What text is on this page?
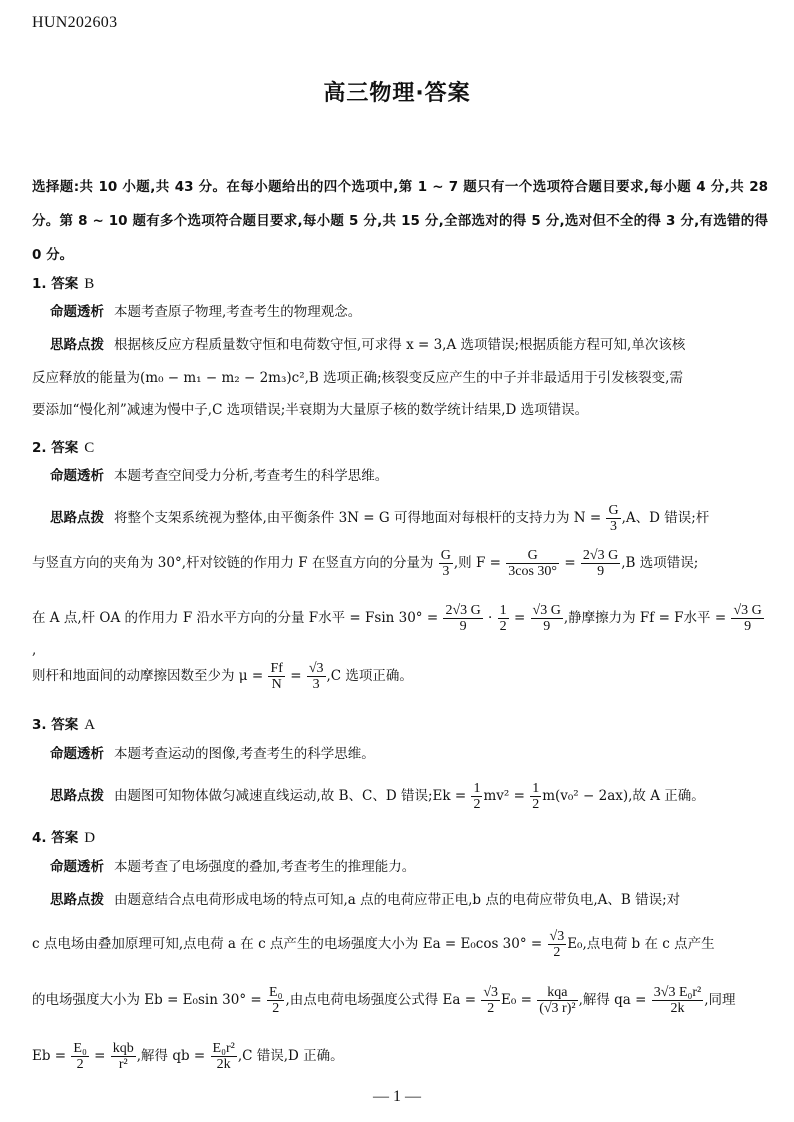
HUN202603
高三物理·答案
选择题:共 10 小题,共 43 分。在每小题给出的四个选项中,第 1 ~ 7 题只有一个选项符合题目要求,每小题 4 分,共 28 分。第 8 ~ 10 题有多个选项符合题目要求,每小题 5 分,共 15 分,全部选对的得 5 分,选对但不全的得 3 分,有选错的得 0 分。
1. 答案 B
命题透析 本题考查原子物理,考查考生的物理观念。
思路点拨 根据核反应方程质量数守恒和电荷数守恒,可求得 x = 3,A 选项错误;根据质能方程可知,单次该核
反应释放的能量为(m₀ − m₁ − m₂ − 2m₃)c²,B 选项正确;核裂变反应产生的中子并非最适用于引发核裂变,需
要添加“慢化剂”减速为慢中子,C 选项错误;半衰期为大量原子核的数学统计结果,D 选项错误。
2. 答案 C
命题透析 本题考查空间受力分析,考查考生的科学思维。
思路点拨 将整个支架系统视为整体,由平衡条件 3N = G 可得地面对每根杆的支持力为 $N = \frac{G}{3} ,A$、D 错误;杆
与竖直方向的夹角为 30°,杆对铰链的作用力 F 在竖直方向的分量为 $\frac{G}{3}$ ,则 $F = \frac{G}{3\cos 30^\circ} = \frac{2√3 G}{9} ,B$ 选项错误;
在 A 点,杆 OA 的作用力 F 沿水平方向的分量 F水平 = Fsin $30^\circ = \frac{2√3 G}{9} \cdot \frac{1}{2} = \frac{√3 G}{9}$ ,静摩擦力为 Ff = F水平 = $\frac{√3 G}{9}$
,
则杆和地面间的动摩擦因数至少为 $\mu = \frac{Ff}{N} = \frac{√3}{3} ,C$ 选项正确。
3. 答案 A
命题透析 本题考查运动的图像,考查考生的科学思维。
思路点拨 由题图可知物体做匀减速直线运动,故 B、C、D 错误;Ek = $\frac{1}{2} mv^2 = \frac{1}{2} m(v_0^2 - 2ax)$,故 A 正确。
4. 答案 D
命题透析 本题考查了电场强度的叠加,考查考生的推理能力。
思路点拨 由题意结合点电荷形成电场的特点可知,a 点的电荷应带正电,b 点的电荷应带负电,A、B 错误;对
c 点电场由叠加原理可知,点电荷 a 在 c 点产生的电场强度大小为 Ea = E₀cos $30^\circ = \frac{√3}{2} E_0$,点电荷 b 在 c 点产生
的电场强度大小为 Eb = E₀sin $30^\circ = \frac{\text{E₀}}{2}$ ,由点电荷电场强度公式得 $Ea = \frac{√3}{2} E_0 = \frac{\text{kqa}}{\text{(√3 r)²}}$ ,解得 qa = $\frac{\text{3√3 E₀r²}}{2k}$ ,同理
$Eb = \frac{\text{E₀}}{2} = \frac{\text{kqb}}{\text{r²}}$ ,解得 qb = $\frac{\text{E₀r²}}{2k} ,C$ 错误,D 正确。
— 1 —
